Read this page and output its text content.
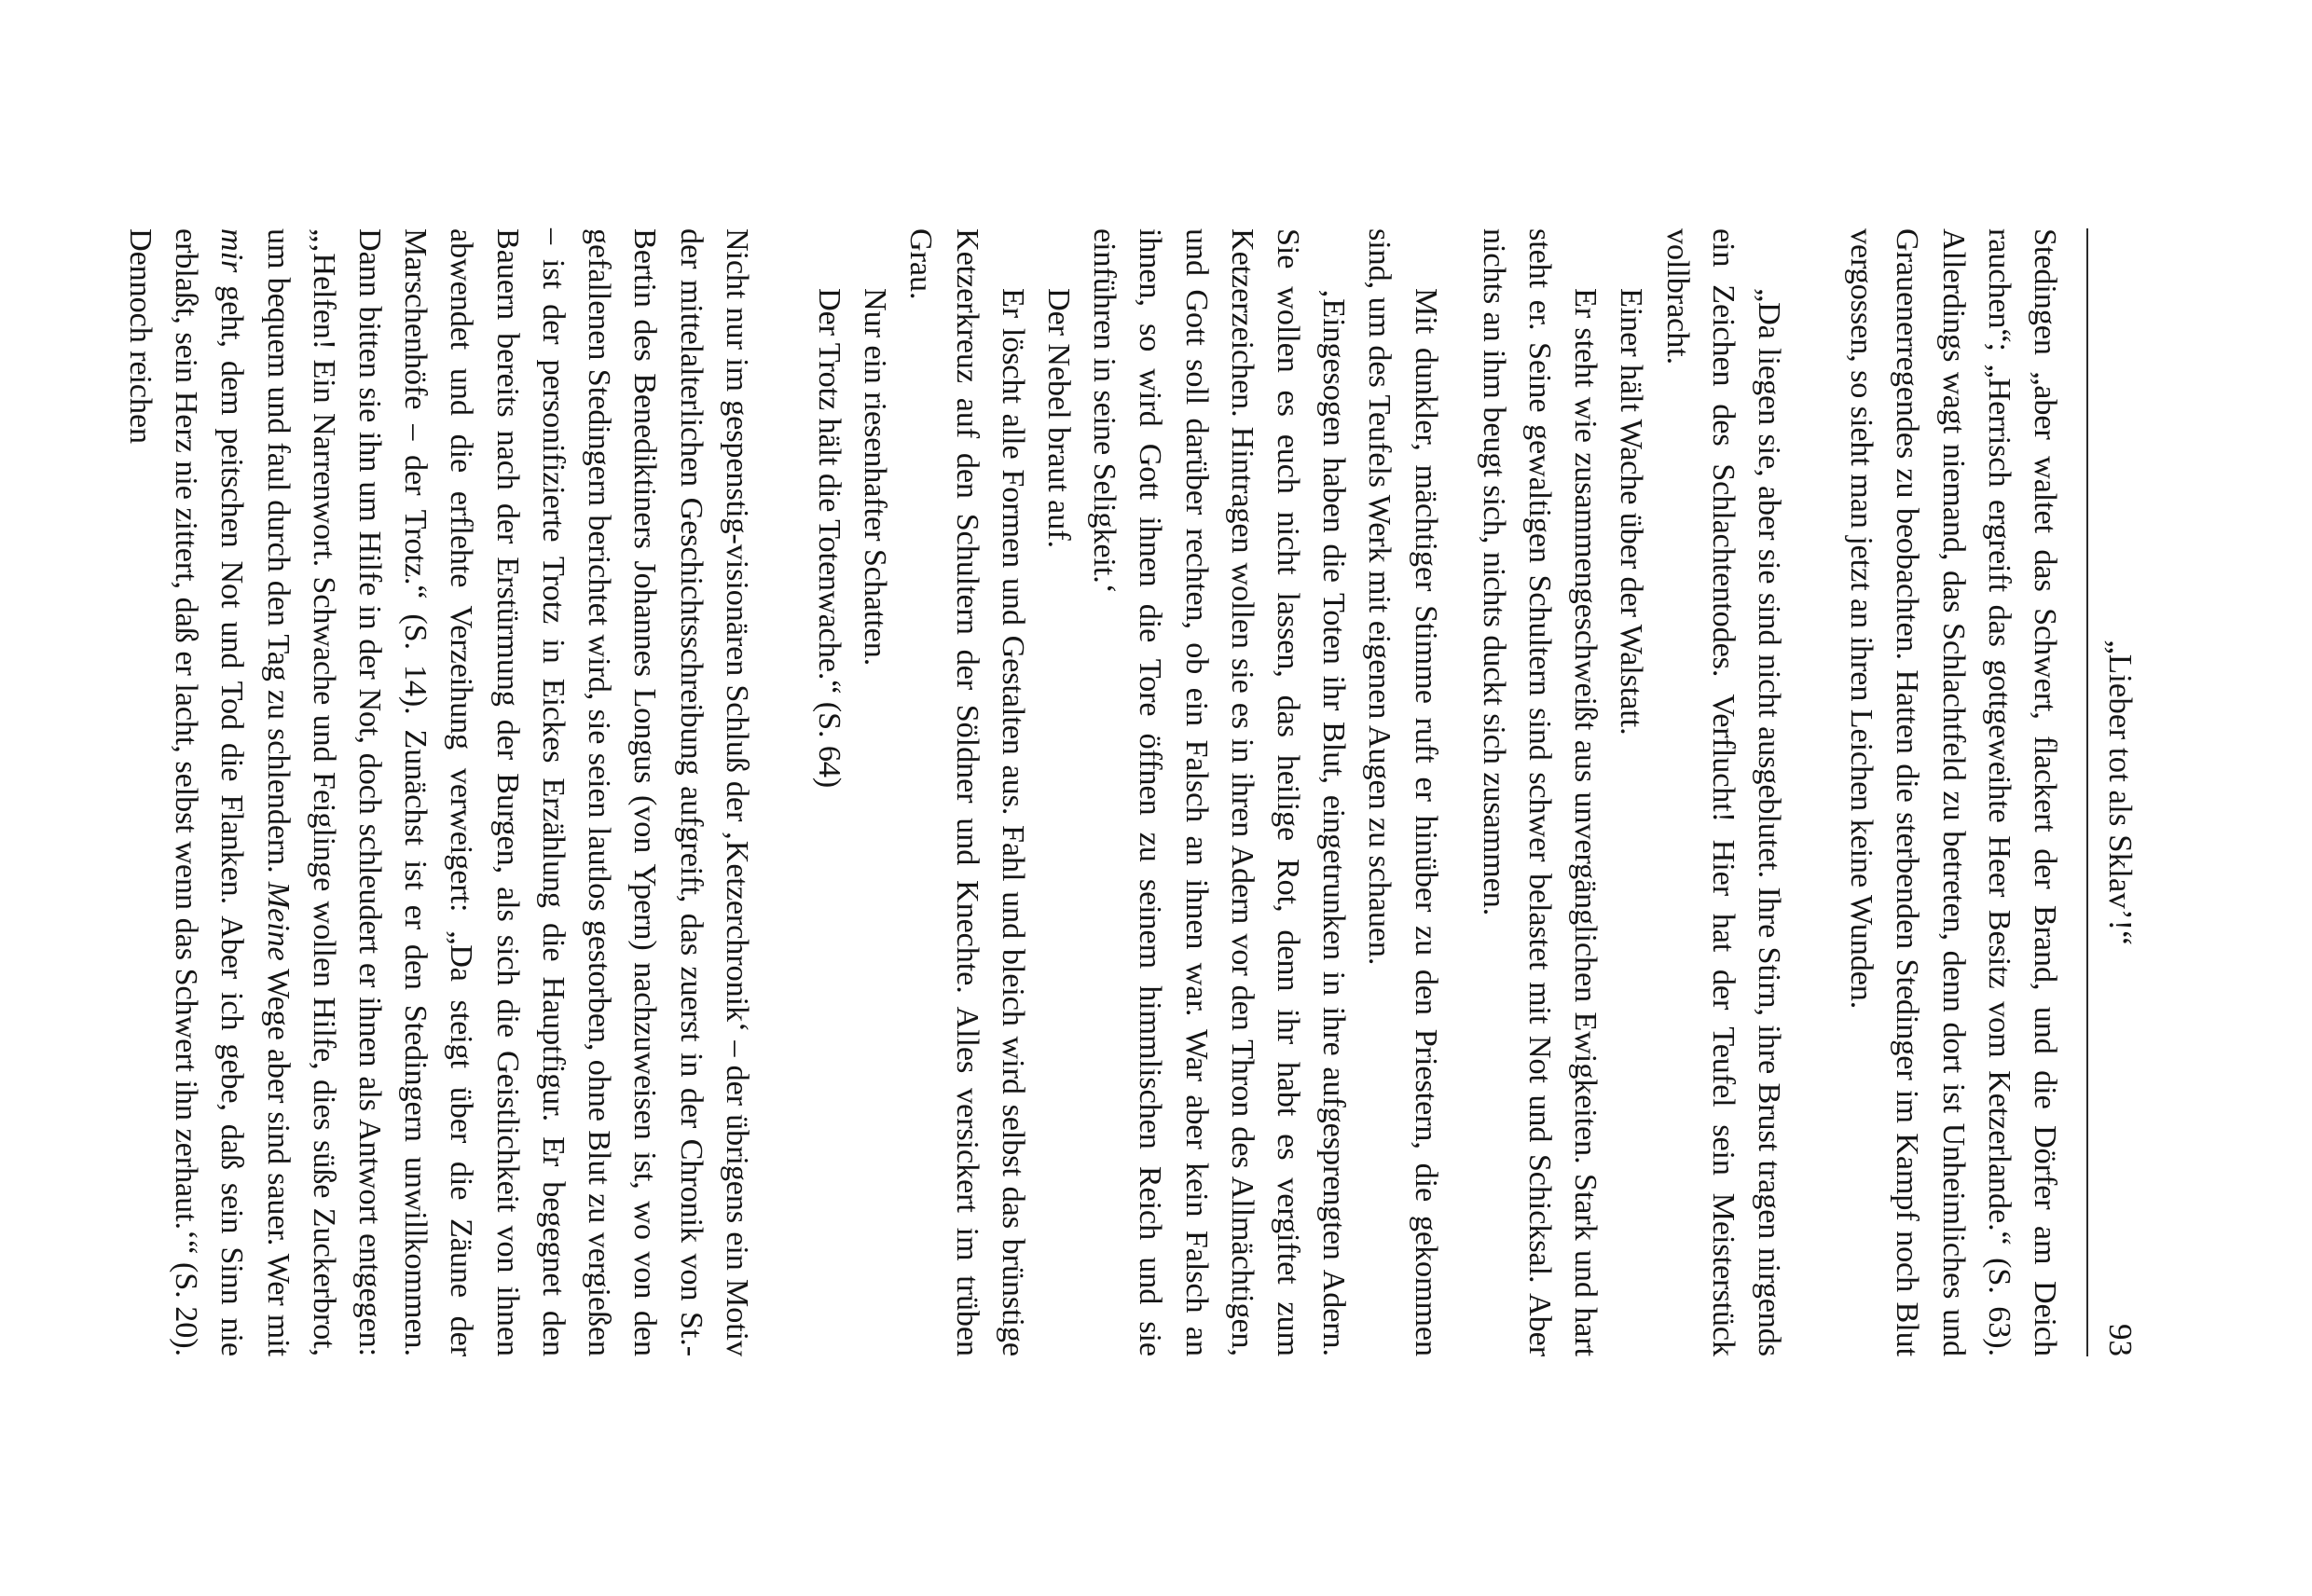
„Lieber tot als Sklav’!“
93

Stedingen „aber waltet das Schwert, flackert der Brand, und die Dörfer am Deich rauchen“; „Herrisch ergreift das gottgeweihte Heer Besitz vom Ketzerlande.“ (S. 63). Allerdings wagt niemand, das Schlachtfeld zu betreten, denn dort ist Unheimliches und Grauenerregendes zu beobachten. Hatten die sterbenden Stedinger im Kampf noch Blut vergossen, so sieht man jetzt an ihren Leichen keine Wunden.

„Da liegen sie, aber sie sind nicht ausgeblutet. Ihre Stirn, ihre Brust tragen nirgends ein Zeichen des Schlachtentodes. Verflucht! Hier hat der Teufel sein Meisterstück vollbracht.

Einer hält Wache über der Walstatt.

Er steht wie zusammengeschweißt aus unvergänglichen Ewigkeiten. Stark und hart steht er. Seine gewaltigen Schultern sind schwer belastet mit Not und Schicksal. Aber nichts an ihm beugt sich, nichts duckt sich zusammen.

Mit dunkler, mächtiger Stimme ruft er hinüber zu den Priestern, die gekommen sind, um des Teufels Werk mit eigenen Augen zu schauen.

‚Eingesogen haben die Toten ihr Blut, eingetrunken in ihre aufgesprengten Adern. Sie wollen es euch nicht lassen, das heilige Rot, denn ihr habt es vergiftet zum Ketzerzeichen. Hintragen wollen sie es in ihren Adern vor den Thron des Allmächtigen, und Gott soll darüber rechten, ob ein Falsch an ihnen war. War aber kein Falsch an ihnen, so wird Gott ihnen die Tore öffnen zu seinem himmlischen Reich und sie einführen in seine Seligkeit.‘

Der Nebel braut auf.

Er löscht alle Formen und Gestalten aus. Fahl und bleich wird selbst das brünstige Ketzerkreuz auf den Schultern der Söldner und Knechte. Alles versickert im trüben Grau.

Nur ein riesenhafter Schatten.

Der Trotz hält die Totenwache.“ (S. 64)

Nicht nur im gespenstig-visionären Schluß der ‚Ketzerchronik‘ – der übrigens ein Motiv der mittelalterlichen Geschichtsschreibung aufgreift, das zuerst in der Chronik von St.-Bertin des Benediktiners Johannes Longus (von Ypern) nachzuweisen ist, wo von den gefallenen Stedingern berichtet wird, sie seien lautlos gestorben, ohne Blut zu vergießen – ist der personifizierte Trotz in Eickes Erzählung die Hauptfigur. Er begegnet den Bauern bereits nach der Erstürmung der Burgen, als sich die Geistlichkeit von ihnen abwendet und die erflehte Verzeihung verweigert: „Da steigt über die Zäune der Marschenhöfe – der Trotz.“ (S. 14). Zunächst ist er den Stedingern unwillkommen. Dann bitten sie ihn um Hilfe in der Not, doch schleudert er ihnen als Antwort entgegen: „‚Helfen! Ein Narrenwort. Schwache und Feiglinge wollen Hilfe, dies süße Zuckerbrot, um bequem und faul durch den Tag zu schlendern. Meine Wege aber sind sauer. Wer mit mir geht, dem peitschen Not und Tod die Flanken. Aber ich gebe, daß sein Sinn nie erblaßt, sein Herz nie zittert, daß er lacht, selbst wenn das Schwert ihn zerhaut.‘“ (S. 20). Dennoch reichen
